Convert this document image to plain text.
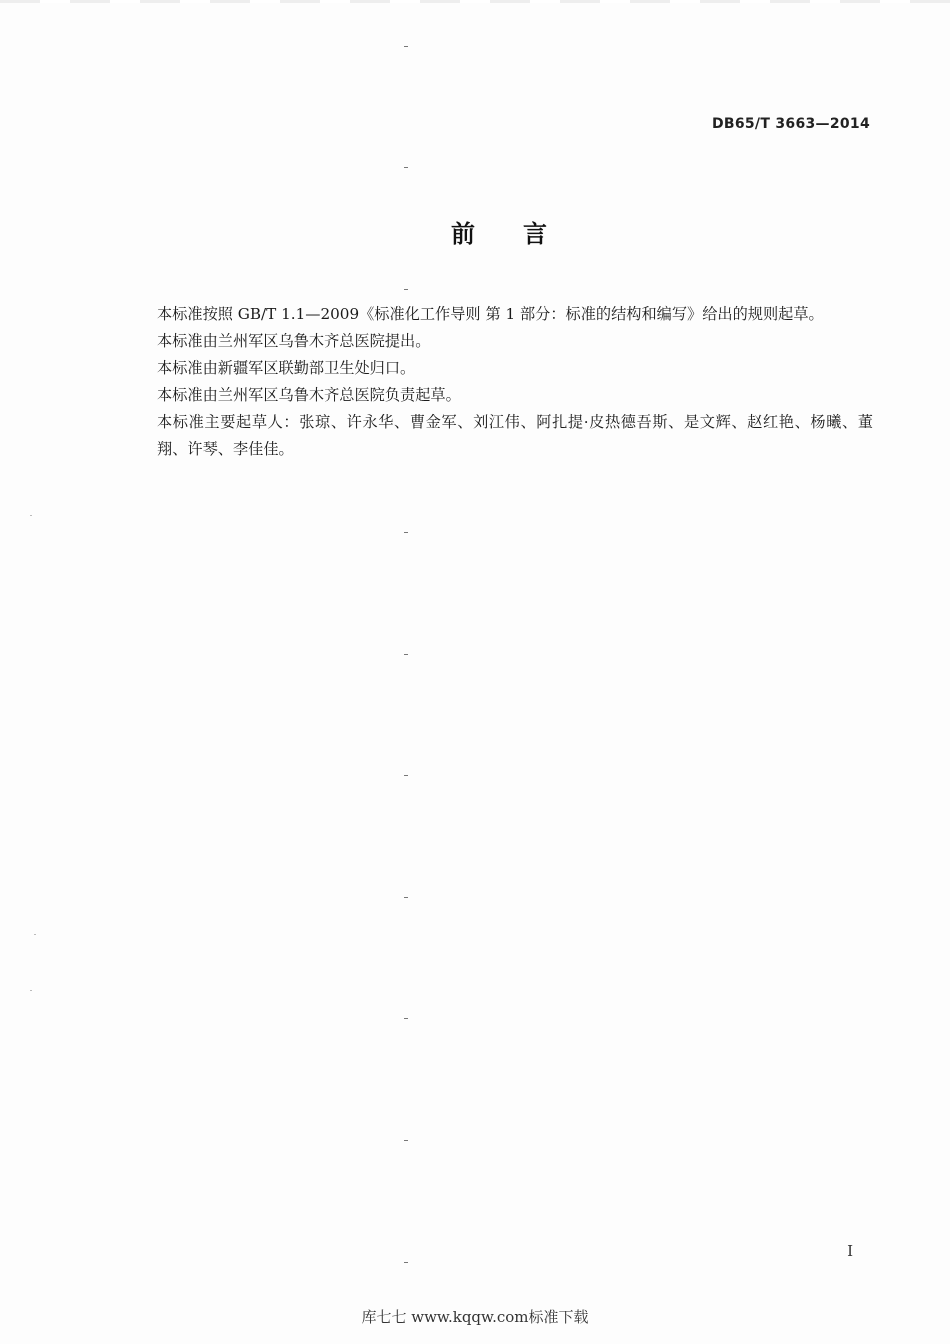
DB65/T 3663—2014
前言

本标准按照 GB/T 1.1—2009《标准化工作导则 第 1 部分：标准的结构和编写》给出的规则起草。

本标准由兰州军区乌鲁木齐总医院提出。

本标准由新疆军区联勤部卫生处归口。

本标准由兰州军区乌鲁木齐总医院负责起草。

本标准主要起草人：张琼、许永华、曹金军、刘江伟、阿扎提·皮热德吾斯、是文辉、赵红艳、杨曦、董翔、许琴、李佳佳。

I
库七七 www.kqqw.com标准下载
